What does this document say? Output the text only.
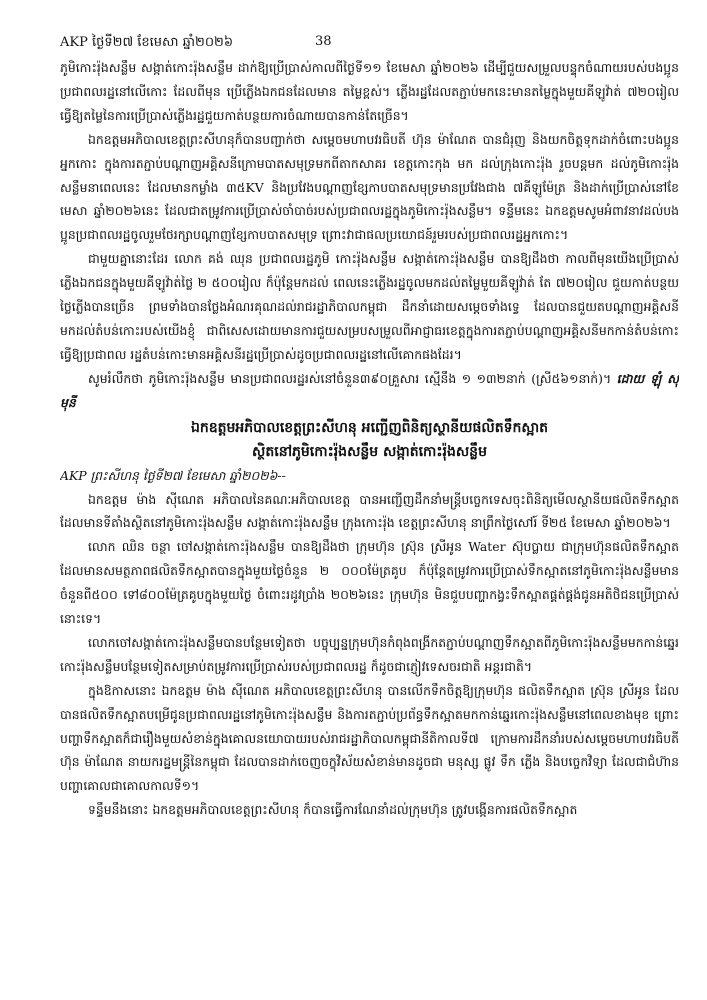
AKP ថ្ងៃទី២៧ ខែមេសា ឆ្នាំ២០២៦	38

ភូមិកោះរ៉ុងសន្លឹម សង្កាត់កោះរ៉ុងសន្លឹម ដាក់ឱ្យប្រើប្រាស់កាលពីថ្ងៃទី១១ ខែមេសា ឆ្នាំ២០២៦ ដើម្បីជួយសម្រួលបន្ទុកចំណាយរបស់បងប្អូនប្រជាពលរដ្ឋនៅលើកោះ ដែលពីមុន ប្រើភ្លើងឯកជនដែលមាន តម្លៃខ្ពស់។ ភ្លើងរដ្ឋដែលតភ្ជាប់មកនេះមានតម្លៃក្នុងមួយគីឡូវ៉ាត់ ៧២០រៀល ធ្វើឱ្យតម្លៃនៃការប្រើប្រាស់ភ្លើងរដ្ឋជួយកាត់បន្ថយការចំណាយបានកាន់តែច្រើន។

ឯកឧត្តមអភិបាលខេត្តព្រះសីហនុក៏បានបញ្ជាក់ថា សម្តេចមហាបវរធិបតី ហ៊ុន ម៉ាណែត បានជំរុញ និងយកចិត្តទុកដាក់ចំពោះបងប្អូនអ្នកកោះ ក្នុងការតភ្ជាប់បណ្តាញអគ្គិសនីក្រោមបាតសមុទ្រមកពីតាកសាគរ ខេត្តកោះកុង មក ដល់ក្រុងកោះរ៉ុង រួចបន្តមក ដល់ភូមិកោះរ៉ុងសន្លឹមនាពេលនេះ ដែលមានកម្លាំង ៣៥KV និងប្រវែងបណ្តាញខ្សែកាបបាតសមុទ្រមានប្រវែងជាង ៧គីឡូម៉ែត្រ និងដាក់ប្រើប្រាស់នៅខែមេសា ឆ្នាំ២០២៦នេះ ដែលជាតម្រូវការប្រើប្រាស់ចាំបាច់របស់ប្រជាពលរដ្ឋក្នុងភូមិកោះរ៉ុងសន្លឹម។ ទន្ទឹមនេះ ឯកឧត្តមសូមអំពាវនាវដល់បងប្អូនប្រជាពលរដ្ឋចូលរួមថែរក្សាបណ្តាញខ្សែកាបបាតសមុទ្រ ព្រោះវាជាផលប្រយោជន៍រួមរបស់ប្រជាពលរដ្ឋអ្នកកោះ។

ជាមួយគ្នានោះដែរ លោក គង់ ឈុន ប្រជាពលរដ្ឋភូមិ កោះរ៉ុងសន្លឹម សង្កាត់កោះរ៉ុងសន្លឹម បានឱ្យដឹងថា កាលពីមុនយើងប្រើប្រាស់ភ្លើងឯកជនក្នុងមួយគីឡូវ៉ាត់ថ្លៃ ២ ៥០០រៀល ក៏ប៉ុន្តែមកដល់ ពេលនេះភ្លើងរដ្ឋចូលមកដល់តម្លៃមួយគីឡូវ៉ាត់ តែ ៧២០រៀល ជួយកាត់បន្ថយថ្លៃភ្លើងបានច្រើន ព្រមទាំងបានថ្លែងអំណរគុណដល់រាជរដ្ឋាភិបាលកម្ពុជា ដឹកនាំដោយសម្តេចទាំងទ្វេ ដែលបានជួយតបណ្តាញអគ្គិសនីមកដល់តំបន់កោះរបស់យើងខ្ញុំ ជាពិសេសដោយមានការជួយសម្របសម្រួលពីអាជ្ញាធរខេត្តក្នុងការតភ្ជាប់បណ្តាញអគ្គិសនីមកកាន់តំបន់កោះធ្វើឱ្យប្រជាពល រដ្ឋតំបន់កោះមានអគ្គិសនីរដ្ឋប្រើប្រាស់ដូចប្រជាពលរដ្ឋនៅលើគោកផងដែរ។

សូមរំលឹកថា ភូមិកោះរ៉ុងសន្លឹម មានប្រជាពលរដ្ឋរស់នៅចំនួន៣៩០គ្រួសារ ស្មើនឹង ១ ១៣២នាក់ (ស្រី៥៦១នាក់)។ ដោយ ឡុំ សុមុនី

ឯកឧត្តមអភិបាលខេត្តព្រះសីហនុ អញ្ជើញពិនិត្យស្ថានីយផលិតទឹកស្អាត
ស្ថិតនៅភូមិកោះរ៉ុងសន្លឹម សង្កាត់កោះរ៉ុងសន្លឹម

AKP ព្រះសីហនុ ថ្ងៃទី២៧ ខែមេសា ឆ្នាំ២០២៦--

ឯកឧត្តម ម៉ាង ស៊ីណេត អភិបាលនៃគណៈអភិបាលខេត្ត បានអញ្ជើញដឹកនាំមន្ត្រីបច្ចេកទេសចុះពិនិត្យមើលស្ថានីយផលិតទឹកស្អាត ដែលមានទីតាំងស្ថិតនៅភូមិកោះរ៉ុងសន្លឹម សង្កាត់កោះរ៉ុងសន្លឹម ក្រុងកោះរ៉ុង ខេត្តព្រះសីហនុ នាព្រឹកថ្ងៃសៅរ៍ ទី២៥ ខែមេសា ឆ្នាំ២០២៦។

លោក ឈិន ចន្ថា ចៅសង្កាត់កោះរ៉ុងសន្លឹម បានឱ្យដឹងថា ក្រុមហ៊ុន ស្រ៊ុន ស្រីអូន Water ស៊ុបប្លាយ ជាក្រុមហ៊ុនផលិតទឹកស្អាត ដែលមានសមត្ថភាពផលិតទឹកស្អាតបានក្នុងមួយថ្ងៃចំនួន ២ ០០០ម៉ែត្រគូប ក៏ប៉ុន្តែតម្រូវការប្រើប្រាស់ទឹកស្អាតនៅភូមិកោះរ៉ុងសន្លឹមមានចំនួនពី៥០០ ទៅ៨០០ម៉ែត្រគូបក្នុងមួយថ្ងៃ ចំពោះរដូវប្រាំង ២០២៦នេះ ក្រុមហ៊ុន មិនជួបបញ្ហាកង្វះទឹកស្អាតផ្គត់ផ្គង់ជូនអតិថិជនប្រើប្រាស់នោះទេ។

លោកចៅសង្កាត់កោះរ៉ុងសន្លឹមបានបន្ថែមទៀតថា បច្ចុប្បន្នក្រុមហ៊ុនកំពុងពង្រីកតភ្ជាប់បណ្តាញទឹកស្អាតពីភូមិកោះរ៉ុងសន្លឹមមកកាន់ឆ្នេរកោះរ៉ុងសន្លឹមបន្ថែមទៀតសម្រាប់តម្រូវការប្រើប្រាស់របស់ប្រជាពលរដ្ឋ ក៏ដូចជាភ្ញៀវទេសចរជាតិ អន្តរជាតិ។

ក្នុងឱកាសនោះ ឯកឧត្តម ម៉ាង ស៊ីណេត អភិបាលខេត្តព្រះសីហនុ បានលើកទឹកចិត្តឱ្យក្រុមហ៊ុន ផលិតទឹកស្អាត ស្រ៊ុន ស្រីអូន ដែលបានផលិតទឹកស្អាតបម្រើជូនប្រជាពលរដ្ឋនៅភូមិកោះរ៉ុងសន្លឹម និងការតភ្ជាប់ប្រព័ន្ធទឹកស្អាតមកកាន់ឆ្នេរកោះរ៉ុងសន្លឹមនៅពេលខាងមុខ ព្រោះបញ្ហាទឹកស្អាតក៏ជារឿងមួយសំខាន់ក្នុងគោលនយោបាយរបស់រាជរដ្ឋាភិបាលកម្ពុជានីតិកាលទី៧ ក្រោមការដឹកនាំរបស់សម្តេចមហាបវរធិបតី ហ៊ុន ម៉ាណែត នាយករដ្ឋមន្ត្រីនៃកម្ពុជា ដែលបានដាក់ចេញចក្ខុវិស័យសំខាន់មានដូចជា មនុស្ស ផ្លូវ ទឹក ភ្លើង និងបច្ចេកវិទ្យា ដែលជាជំហ៊ានបញ្ហាគោលជាគោលកាលទី១។

ទន្ទឹមនឹងនោះ ឯកឧត្តមអភិបាលខេត្តព្រះសីហនុ ក៏បានធ្វើការណែនាំដល់ក្រុមហ៊ុន ត្រូវបង្កើនការផលិតទឹកស្អាត
